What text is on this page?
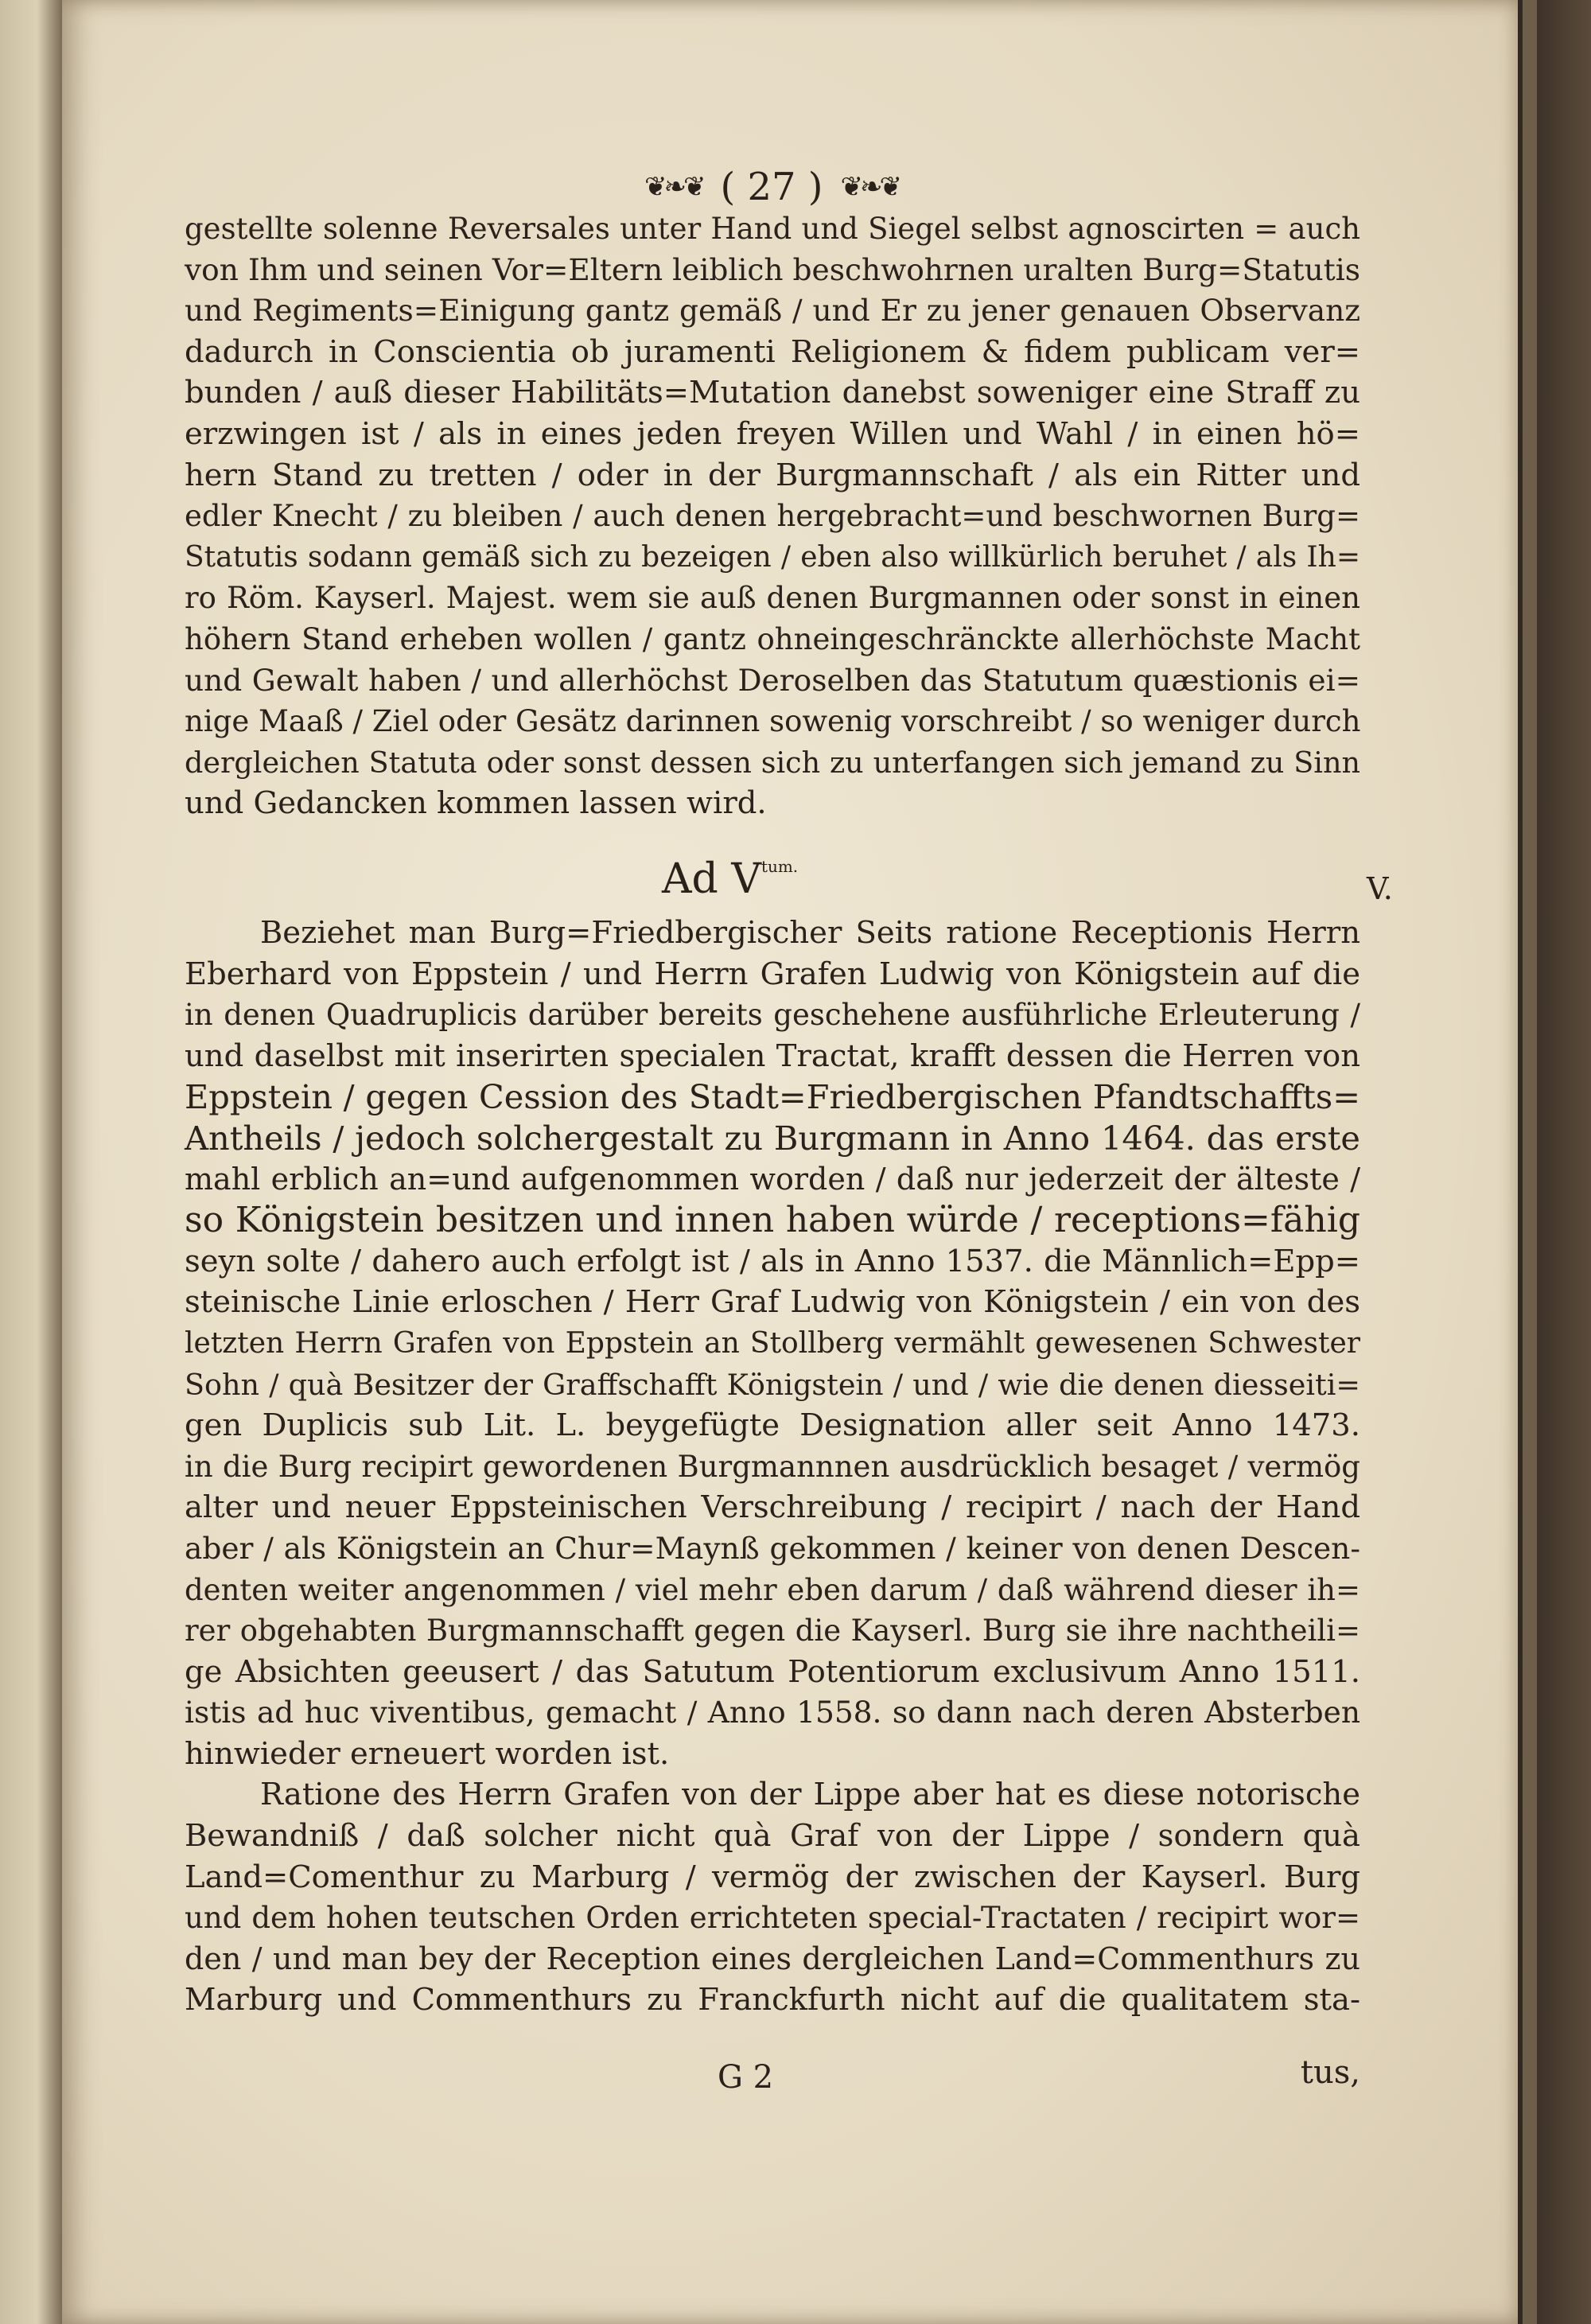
❦❧❦ ( 27 ) ❦❧❦
gestellte solenne Reversales unter Hand und Siegel selbst agnoscirten = auch
von Ihm und seinen Vor=Eltern leiblich beschwohrnen uralten Burg=Statutis
und Regiments=Einigung gantz gemäß / und Er zu jener genauen Observanz
dadurch in Conscientia ob juramenti Religionem & fidem publicam ver=
bunden / auß dieser Habilitäts=Mutation danebst soweniger eine Straff zu
erzwingen ist / als in eines jeden freyen Willen und Wahl / in einen hö=
hern Stand zu tretten / oder in der Burgmannschaft / als ein Ritter und
edler Knecht / zu bleiben / auch denen hergebracht=und beschwornen Burg=
Statutis sodann gemäß sich zu bezeigen / eben also willkürlich beruhet / als Ih=
ro Röm. Kayserl. Majest. wem sie auß denen Burgmannen oder sonst in einen
höhern Stand erheben wollen / gantz ohneingeschränckte allerhöchste Macht
und Gewalt haben / und allerhöchst Deroselben das Statutum quæstionis ei=
nige Maaß / Ziel oder Gesätz darinnen sowenig vorschreibt / so weniger durch
dergleichen Statuta oder sonst dessen sich zu unterfangen sich jemand zu Sinn
und Gedancken kommen lassen wird.
Ad $V^{tum.}$
V.
Beziehet man Burg=Friedbergischer Seits ratione Receptionis Herrn
Eberhard von Eppstein / und Herrn Grafen Ludwig von Königstein auf die
in denen Quadruplicis darüber bereits geschehene ausführliche Erleuterung /
und daselbst mit inserirten specialen Tractat, krafft dessen die Herren von
Eppstein / gegen Cession des Stadt=Friedbergischen Pfandtschaffts=
Antheils / jedoch solchergestalt zu Burgmann in Anno 1464. das erste
mahl erblich an=und aufgenommen worden / daß nur jederzeit der älteste /
so Königstein besitzen und innen haben würde / receptions=fähig
seyn solte / dahero auch erfolgt ist / als in Anno 1537. die Männlich=Epp=
steinische Linie erloschen / Herr Graf Ludwig von Königstein / ein von des
letzten Herrn Grafen von Eppstein an Stollberg vermählt gewesenen Schwester
Sohn / quà Besitzer der Graffschafft Königstein / und / wie die denen diesseiti=
gen Duplicis sub Lit. L. beygefügte Designation aller seit Anno 1473.
in die Burg recipirt gewordenen Burgmannnen ausdrücklich besaget / vermög
alter und neuer Eppsteinischen Verschreibung / recipirt / nach der Hand
aber / als Königstein an Chur=Maynß gekommen / keiner von denen Descen-
denten weiter angenommen / viel mehr eben darum / daß während dieser ih=
rer obgehabten Burgmannschafft gegen die Kayserl. Burg sie ihre nachtheili=
ge Absichten geeusert / das Satutum Potentiorum exclusivum Anno 1511.
istis ad huc viventibus, gemacht / Anno 1558. so dann nach deren Absterben
hinwieder erneuert worden ist.
Ratione des Herrn Grafen von der Lippe aber hat es diese notorische
Bewandniß / daß solcher nicht quà Graf von der Lippe / sondern quà
Land=Comenthur zu Marburg / vermög der zwischen der Kayserl. Burg
und dem hohen teutschen Orden errichteten special-Tractaten / recipirt wor=
den / und man bey der Reception eines dergleichen Land=Commenthurs zu
Marburg und Commenthurs zu Franckfurth nicht auf die qualitatem sta-
G 2	tus,
